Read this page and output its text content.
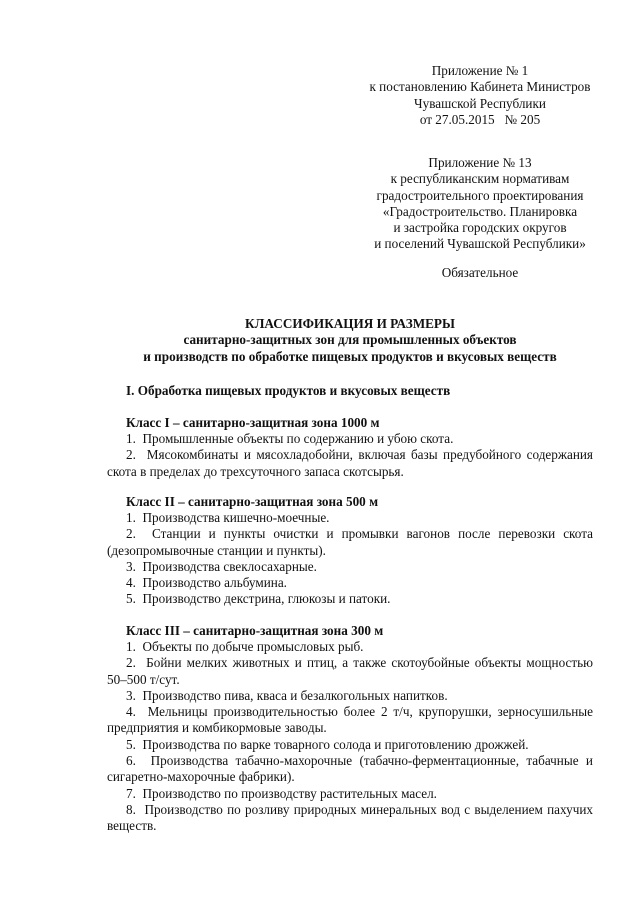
Приложение № 1
к постановлению Кабинета Министров
Чувашской Республики
от 27.05.2015   № 205
Приложение № 13
к республиканским нормативам
градостроительного проектирования
«Градостроительство. Планировка
и застройка городских округов
и поселений Чувашской Республики»
Обязательное
КЛАССИФИКАЦИЯ И РАЗМЕРЫ
санитарно-защитных зон для промышленных объектов
и производств по обработке пищевых продуктов и вкусовых веществ
I. Обработка пищевых продуктов и вкусовых веществ
Класс I – санитарно-защитная зона 1000 м

1.  Промышленные объекты по содержанию и убою скота.

2.  Мясокомбинаты и мясохладобойни, включая базы предубойного содержания скота в пределах до трехсуточного запаса скотсырья.

Класс II – санитарно-защитная зона 500 м

1.  Производства кишечно-моечные.

2.  Станции и пункты очистки и промывки вагонов после перевозки скота (дезопромывочные станции и пункты).

3.  Производства свеклосахарные.

4.  Производство альбумина.

5.  Производство декстрина, глюкозы и патоки.

Класс III – санитарно-защитная зона 300 м

1.  Объекты по добыче промысловых рыб.

2.  Бойни мелких животных и птиц, а также скотоубойные объекты мощностью 50–500 т/сут.

3.  Производство пива, кваса и безалкогольных напитков.

4.  Мельницы производительностью более 2 т/ч, крупорушки, зерносушильные предприятия и комбикормовые заводы.

5.  Производства по варке товарного солода и приготовлению дрожжей.

6.  Производства табачно-махорочные (табачно-ферментационные, табачные и сигаретно-махорочные фабрики).

7.  Производство по производству растительных масел.

8.  Производство по розливу природных минеральных вод с выделением пахучих веществ.
